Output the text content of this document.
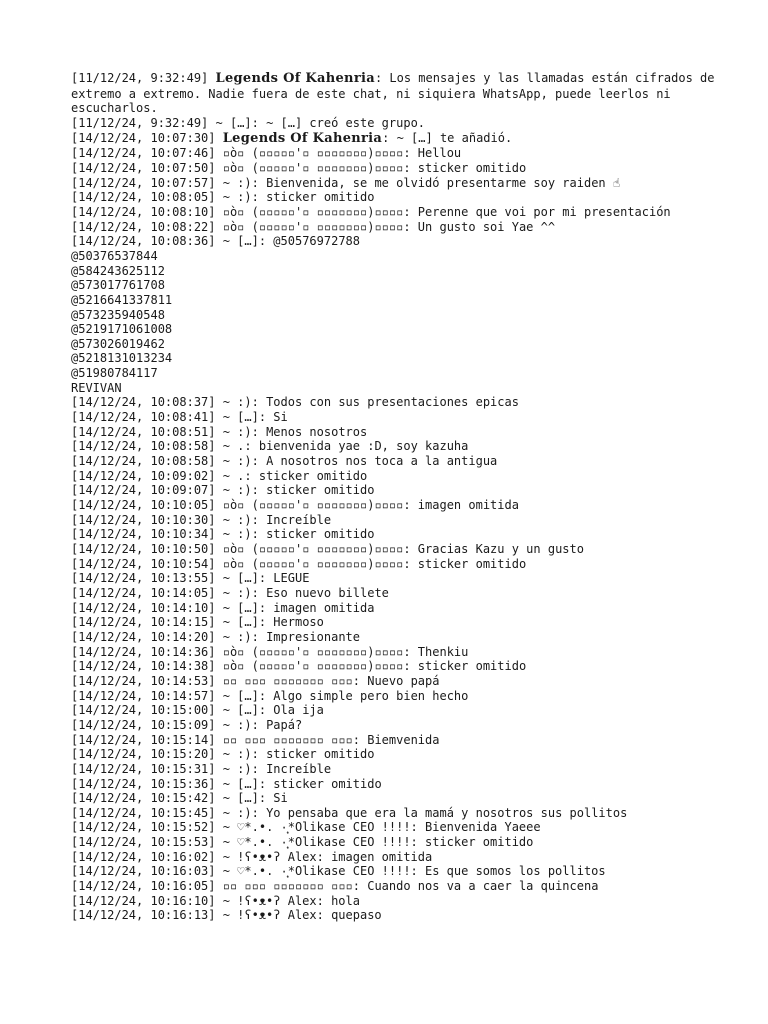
[11/12/24, 9:32:49] Legends Of Kahenria: Los mensajes y las llamadas están cifrados de extremo a extremo. Nadie fuera de este chat, ni siquiera WhatsApp, puede leerlos ni escucharlos.
[11/12/24, 9:32:49] ~ […]: ~ […] creó este grupo.
[14/12/24, 10:07:30] Legends Of Kahenria: ~ […] te añadió.
[14/12/24, 10:07:46] ▫ò▫ (▫▫▫▫▫'▫ ▫▫▫▫▫▫▫)▫▫▫▫: Hellou
[14/12/24, 10:07:50] ▫ò▫ (▫▫▫▫▫'▫ ▫▫▫▫▫▫▫)▫▫▫▫: sticker omitido
[14/12/24, 10:07:57] ~ :): Bienvenida, se me olvidó presentarme soy raiden ☝
[14/12/24, 10:08:05] ~ :): sticker omitido
[14/12/24, 10:08:10] ▫ò▫ (▫▫▫▫▫'▫ ▫▫▫▫▫▫▫)▫▫▫▫: Perenne que voi por mi presentación
[14/12/24, 10:08:22] ▫ò▫ (▫▫▫▫▫'▫ ▫▫▫▫▫▫▫)▫▫▫▫: Un gusto soi Yae ^^
[14/12/24, 10:08:36] ~ […]: @50576972788
@50376537844
@584243625112
@573017761708
@5216641337811
@573235940548
@5219171061008
@573026019462
@5218131013234
@51980784117
REVIVAN
[14/12/24, 10:08:37] ~ :): Todos con sus presentaciones epicas
[14/12/24, 10:08:41] ~ […]: Si
[14/12/24, 10:08:51] ~ :): Menos nosotros
[14/12/24, 10:08:58] ~ .: bienvenida yae :D, soy kazuha
[14/12/24, 10:08:58] ~ :): A nosotros nos toca a la antigua
[14/12/24, 10:09:02] ~ .: sticker omitido
[14/12/24, 10:09:07] ~ :): sticker omitido
[14/12/24, 10:10:05] ▫ò▫ (▫▫▫▫▫'▫ ▫▫▫▫▫▫▫)▫▫▫▫: imagen omitida
[14/12/24, 10:10:30] ~ :): Increíble
[14/12/24, 10:10:34] ~ :): sticker omitido
[14/12/24, 10:10:50] ▫ò▫ (▫▫▫▫▫'▫ ▫▫▫▫▫▫▫)▫▫▫▫: Gracias Kazu y un gusto
[14/12/24, 10:10:54] ▫ò▫ (▫▫▫▫▫'▫ ▫▫▫▫▫▫▫)▫▫▫▫: sticker omitido
[14/12/24, 10:13:55] ~ […]: LEGUE
[14/12/24, 10:14:05] ~ :): Eso nuevo billete
[14/12/24, 10:14:10] ~ […]: imagen omitida
[14/12/24, 10:14:15] ~ […]: Hermoso
[14/12/24, 10:14:20] ~ :): Impresionante
[14/12/24, 10:14:36] ▫ò▫ (▫▫▫▫▫'▫ ▫▫▫▫▫▫▫)▫▫▫▫: Thenkiu
[14/12/24, 10:14:38] ▫ò▫ (▫▫▫▫▫'▫ ▫▫▫▫▫▫▫)▫▫▫▫: sticker omitido
[14/12/24, 10:14:53] ▫▫ ▫▫▫ ▫▫▫▫▫▫▫ ▫▫▫: Nuevo papá
[14/12/24, 10:14:57] ~ […]: Algo simple pero bien hecho
[14/12/24, 10:15:00] ~ […]: Ola ija
[14/12/24, 10:15:09] ~ :): Papá?
[14/12/24, 10:15:14] ▫▫ ▫▫▫ ▫▫▫▫▫▫▫ ▫▫▫: Biemvenida
[14/12/24, 10:15:20] ~ :): sticker omitido
[14/12/24, 10:15:31] ~ :): Increíble
[14/12/24, 10:15:36] ~ […]: sticker omitido
[14/12/24, 10:15:42] ~ […]: Si
[14/12/24, 10:15:45] ~ :): Yo pensaba que era la mamá y nosotros sus pollitos
[14/12/24, 10:15:52] ~ ♡*.•. ·̩͙*Olikase CEO !!!!: Bienvenida Yaeee
[14/12/24, 10:15:53] ~ ♡*.•. ·̩͙*Olikase CEO !!!!: sticker omitido
[14/12/24, 10:16:02] ~ !ʕ•ᴥ•ʔ Alex: imagen omitida
[14/12/24, 10:16:03] ~ ♡*.•. ·̩͙*Olikase CEO !!!!: Es que somos los pollitos
[14/12/24, 10:16:05] ▫▫ ▫▫▫ ▫▫▫▫▫▫▫ ▫▫▫: Cuando nos va a caer la quincena
[14/12/24, 10:16:10] ~ !ʕ•ᴥ•ʔ Alex: hola
[14/12/24, 10:16:13] ~ !ʕ•ᴥ•ʔ Alex: quepaso
